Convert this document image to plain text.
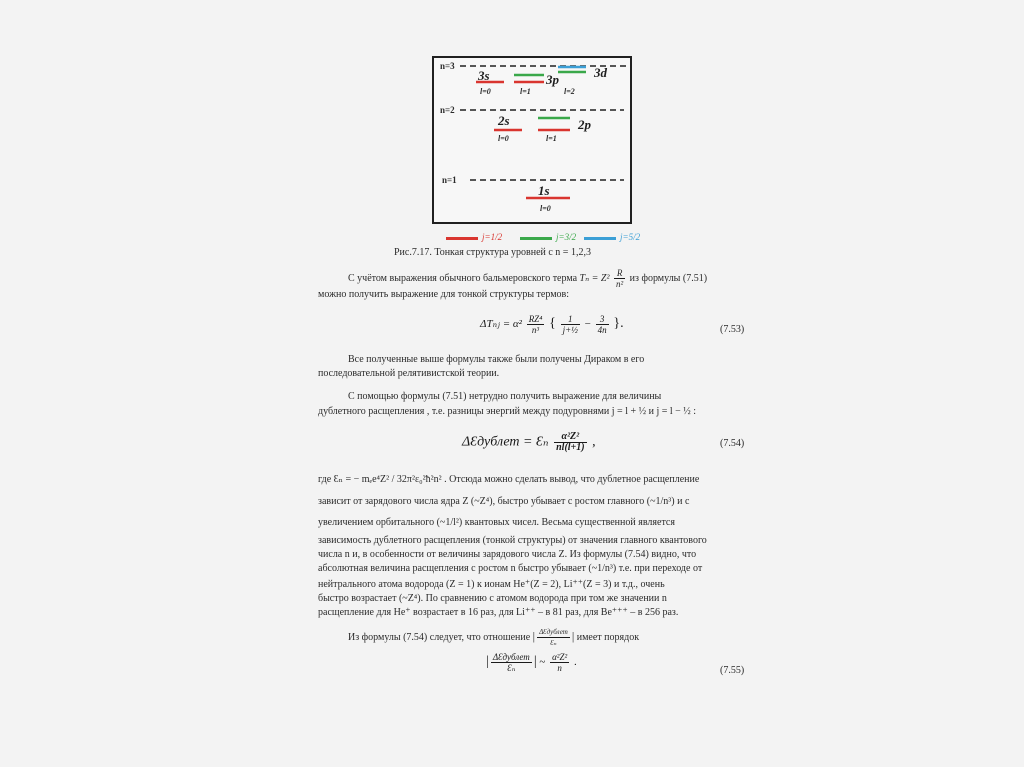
n=3
n=2
n=1
3s	3p	3d
2s	2p
1s
l=0	l=1	l=2
l=0	l=1
l=0
j=1/2	j=3/2	j=5/2
Рис.7.17. Тонкая структура уровней с n = 1,2,3
С учётом выражения обычного бальмеровского терма $T_n = Z^2 \frac{R}{\text{n²}}$ из формулы (7.51)
можно получить выражение для тонкой структуры термов:
ΔTₙⱼ = $\alpha^2 \frac{\text{RZ⁴}}{\text{n³}}$ { $\frac{1}{\text{j+½}} - \frac{3}{4n}$ }.	(7.53)
Все полученные выше формулы также были получены Дираком в его
последовательной релятивистской теории.
С помощью формулы (7.51) нетрудно получить выражение для величины
дублетного расщепления , т.е. разницы энергий между подуровнями j = l + ½ и j = l − ½ :
ΔƐдублет = Ɛₙ $\frac{\text{α²Z²}}{nl(l+1)}$ ,	(7.54)
где Ɛₙ = − mₑe⁴Z² / 32π²ε₀²ħ²n² . Отсюда можно сделать вывод, что дублетное расщепление
зависит от зарядового числа ядра Z (~Z⁴), быстро убывает с ростом главного (~1/n³) и с
увеличением орбитального (~1/l²) квантовых чисел. Весьма существенной является
зависимость дублетного расщепления (тонкой структуры) от значения главного квантового
числа n и, в особенности от величины зарядового числа Z. Из формулы (7.54) видно, что
абсолютная величина расщепления с ростом n быстро убывает (~1/n³) т.е. при переходе от
нейтрального атома водорода (Z = 1) к ионам He⁺(Z = 2), Li⁺⁺(Z = 3) и т.д., очень
быстро возрастает (~Z⁴). По сравнению с атомом водорода при том же значении n
расщепление для He⁺ возрастает в 16 раз, для Li⁺⁺ – в 81 раз, для Be⁺⁺⁺ – в 256 раз.
Из формулы (7.54) следует, что отношение | $\frac{\text{ΔƐдублет}}{\text{Ɛₙ}}$ | имеет порядок
| $\frac{\text{ΔƐдублет}}{\text{Ɛₙ}}$ | ~ $\frac{\text{α²Z²}}{n}$ .
(7.55)
